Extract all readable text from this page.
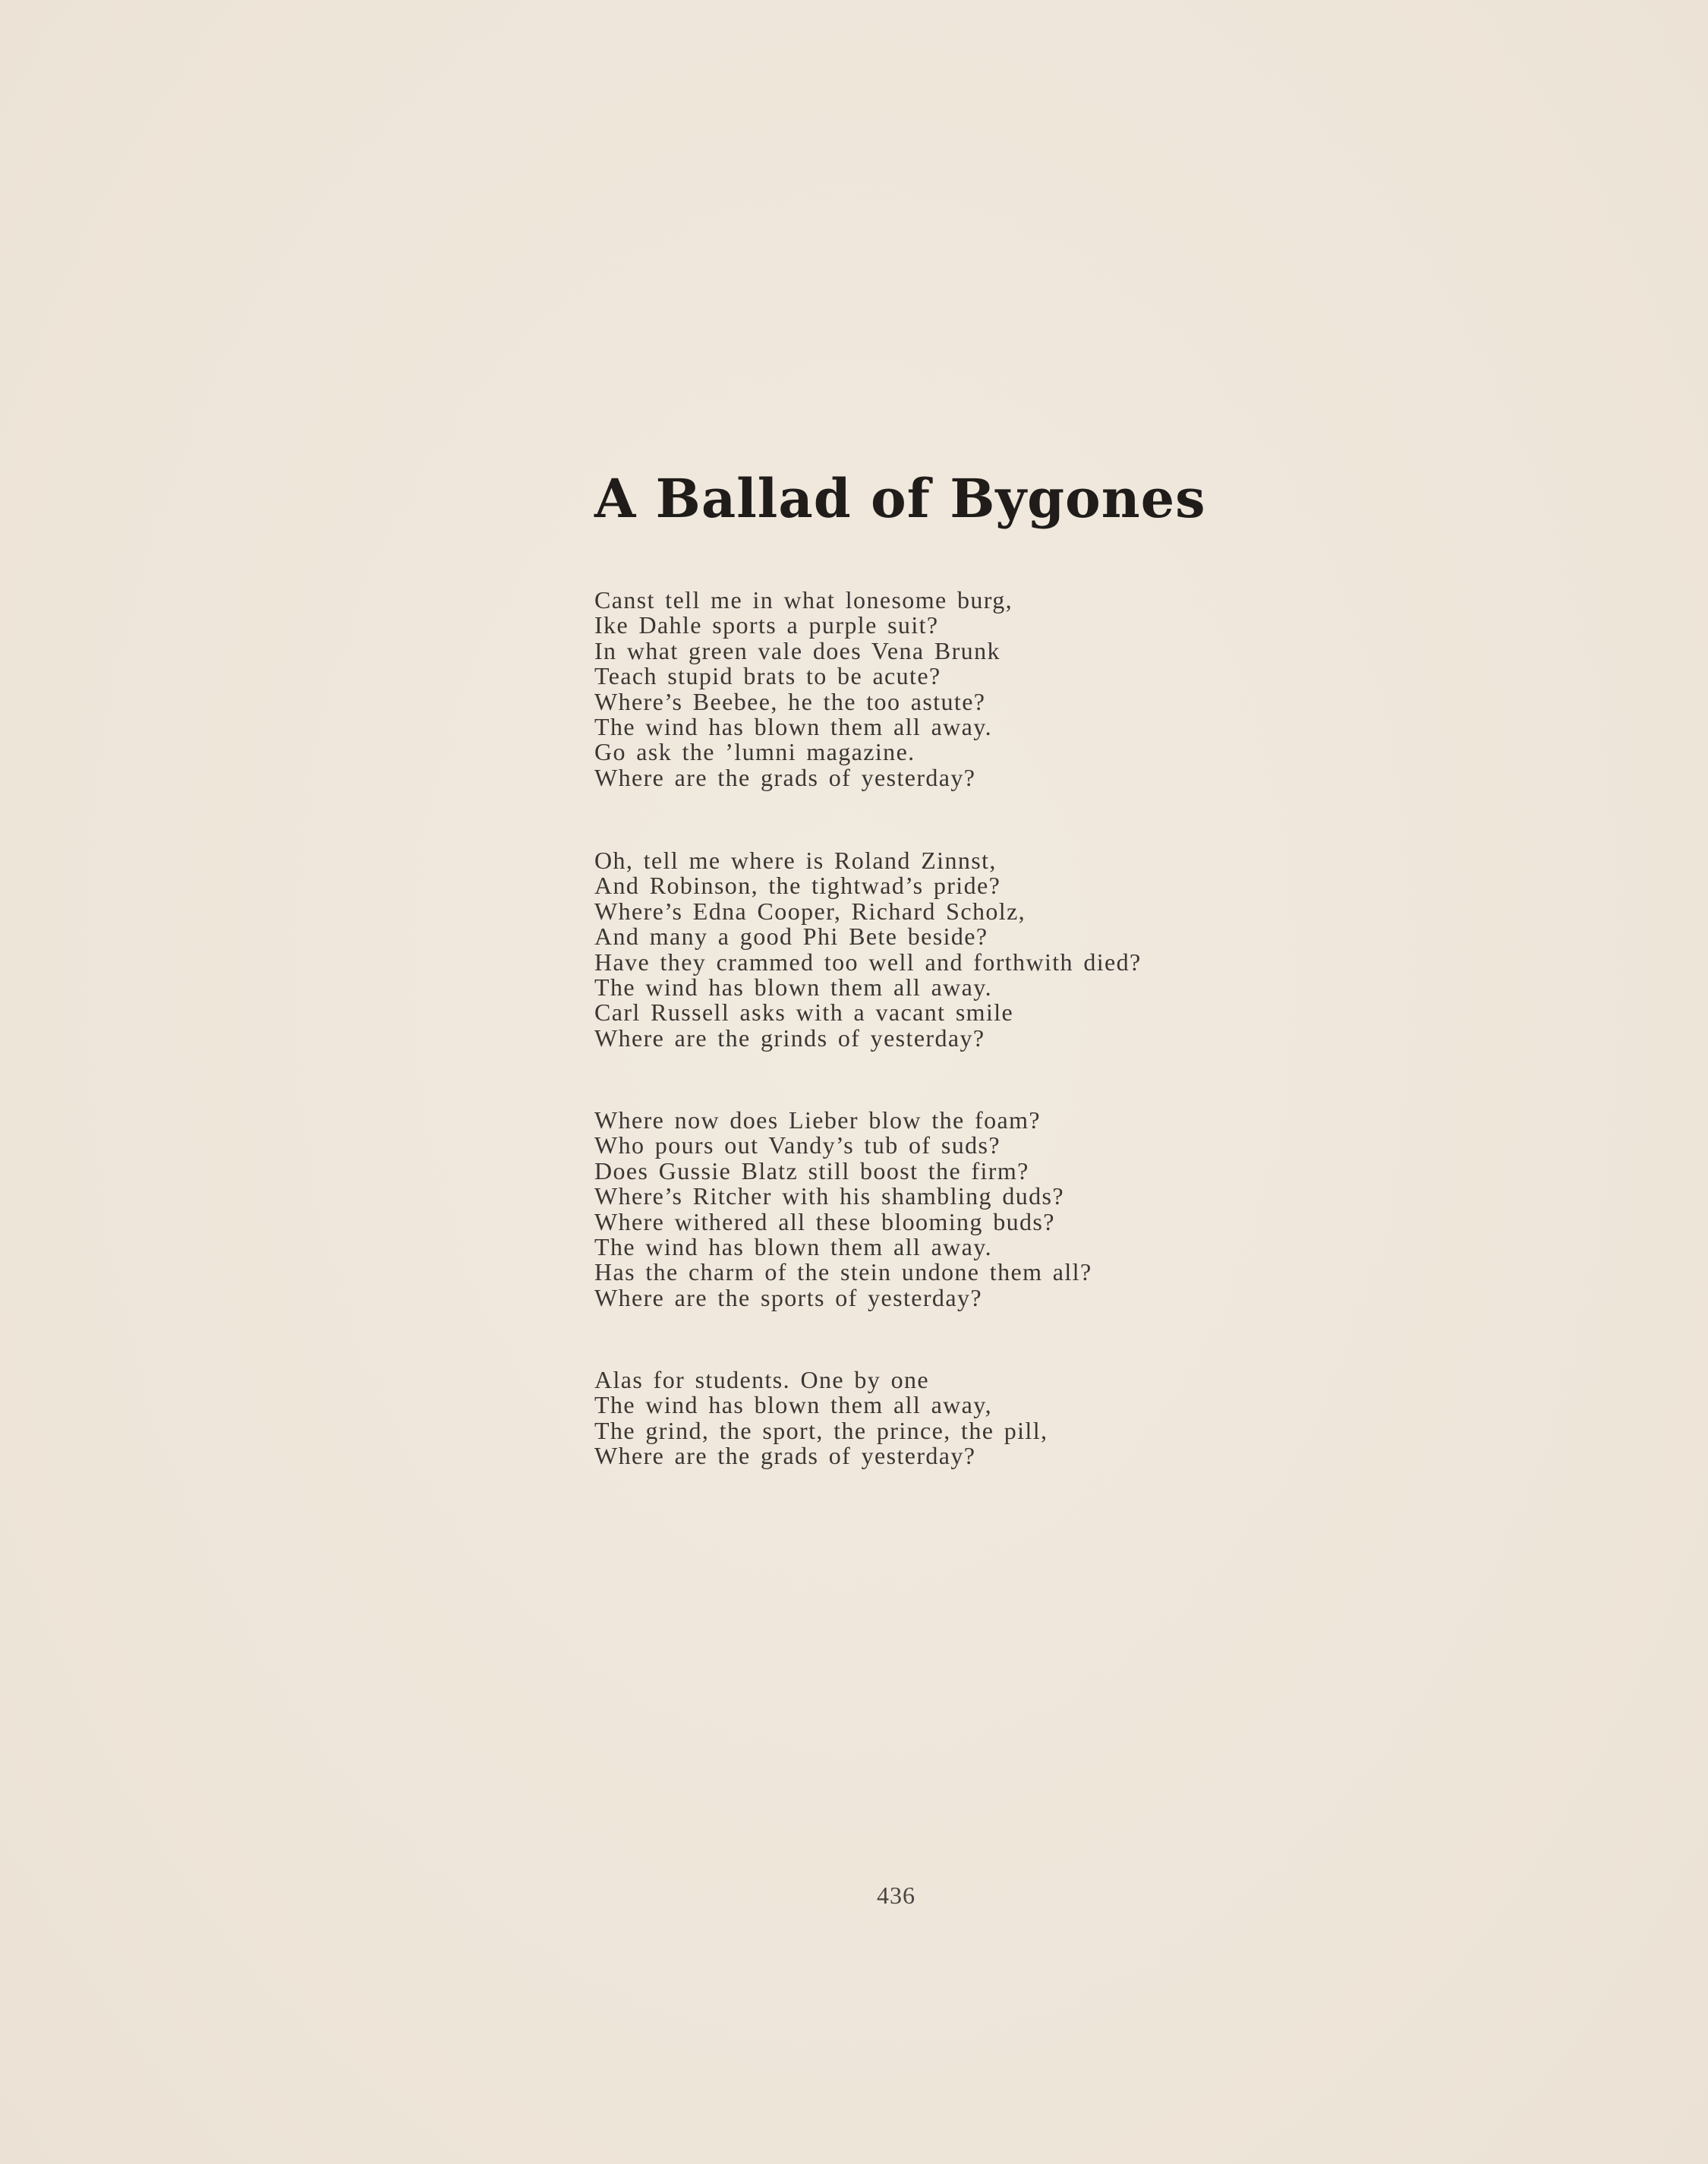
A Ballad of Bygones
Canst tell me in what lonesome burg,
Ike Dahle sports a purple suit?
In what green vale does Vena Brunk
Teach stupid brats to be acute?
Where’s Beebee, he the too astute?
The wind has blown them all away.
Go ask the ’lumni magazine.
Where are the grads of yesterday?
Oh, tell me where is Roland Zinnst,
And Robinson, the tightwad’s pride?
Where’s Edna Cooper, Richard Scholz,
And many a good Phi Bete beside?
Have they crammed too well and forthwith died?
The wind has blown them all away.
Carl Russell asks with a vacant smile
Where are the grinds of yesterday?
Where now does Lieber blow the foam?
Who pours out Vandy’s tub of suds?
Does Gussie Blatz still boost the firm?
Where’s Ritcher with his shambling duds?
Where withered all these blooming buds?
The wind has blown them all away.
Has the charm of the stein undone them all?
Where are the sports of yesterday?
Alas for students. One by one
The wind has blown them all away,
The grind, the sport, the prince, the pill,
Where are the grads of yesterday?
436
